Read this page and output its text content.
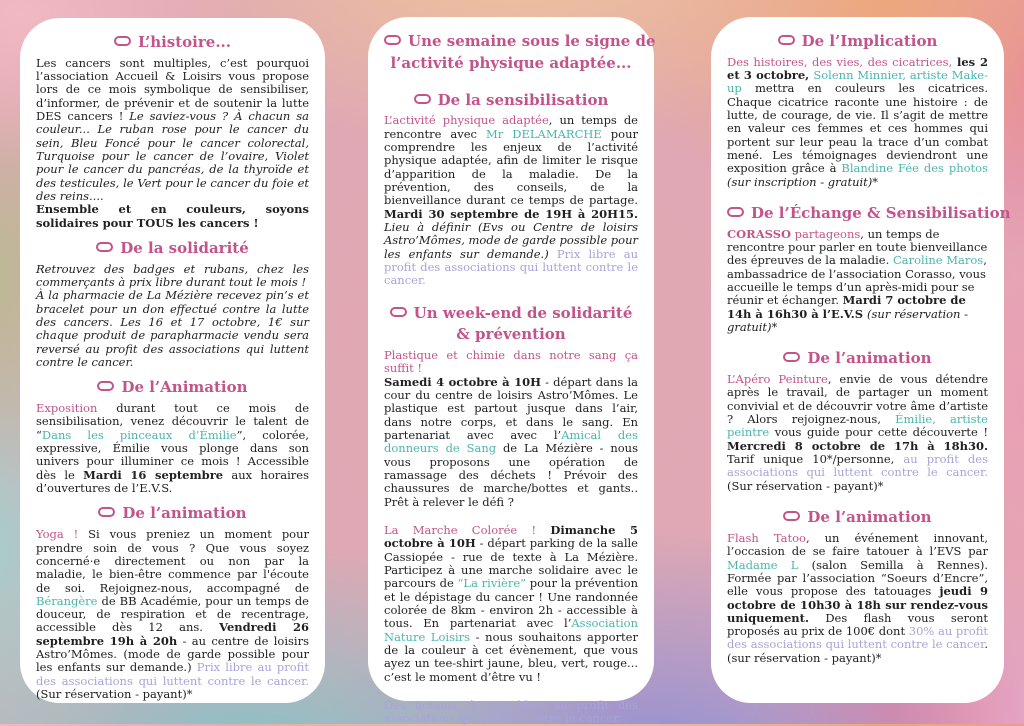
L’histoire...

Les cancers sont multiples, c’est pourquoi l’association Accueil & Loisirs vous propose lors de ce mois symbolique de sensibiliser, d’informer, de prévenir et de soutenir la lutte DES cancers ! Le saviez-vous ? À chacun sa couleur... Le ruban rose pour le cancer du sein, Bleu Foncé pour le cancer colorectal, Turquoise pour le cancer de l’ovaire, Violet pour le cancer du pancréas, de la thyroïde et des testicules, le Vert pour le cancer du foie et des reins....
Ensemble et en couleurs, soyons solidaires pour TOUS les cancers !

De la solidarité

Retrouvez des badges et rubans, chez les commerçants à prix libre durant tout le mois !
À la pharmacie de La Mézière recevez pin’s et bracelet pour un don effectué contre la lutte des cancers. Les 16 et 17 octobre, 1€ sur chaque produit de parapharmacie vendu sera reversé au profit des associations qui luttent contre le cancer.

De l’Animation

Exposition durant tout ce mois de sensibilisation, venez découvrir le talent de “Dans les pinceaux d’Émilie”, colorée, expressive, Émilie vous plonge dans son univers pour illuminer ce mois ! Accessible dès le Mardi 16 septembre aux horaires d’ouvertures de l’E.V.S.

De l’animation

Yoga ! Si vous preniez un moment pour prendre soin de vous ? Que vous soyez concerné·e directement ou non par la maladie, le bien-être commence par l'écoute de soi. Rejoignez-nous, accompagné de Bérangère de BB Académie, pour un temps de douceur, de respiration et de recentrage, accessible dès 12 ans. Vendredi 26 septembre 19h à 20h - au centre de loisirs Astro’Mômes. (mode de garde possible pour les enfants sur demande.) Prix libre au profit des associations qui luttent contre le cancer. (Sur réservation - payant)*

Une semaine sous le signe de
l’activité physique adaptée...
De la sensibilisation

L’activité physique adaptée, un temps de rencontre avec Mr DELAMARCHE pour comprendre les enjeux de l’activité physique adaptée, afin de limiter le risque d’apparition de la maladie. De la prévention, des conseils, de la bienveillance durant ce temps de partage. Mardi 30 septembre de 19H à 20H15. Lieu à définir (Evs ou Centre de loisirs Astro’Mômes, mode de garde possible pour les enfants sur demande.) Prix libre au profit des associations qui luttent contre le cancer.

Un week-end de solidarité
& prévention

Plastique et chimie dans notre sang ça suffit !
Samedi 4 octobre à 10H - départ dans la cour du centre de loisirs Astro’Mômes. Le plastique est partout jusque dans l’air, dans notre corps, et dans le sang. En partenariat avec avec l’Amical des donneurs de Sang de La Mézière - nous vous proposons une opération de ramassage des déchets ! Prévoir des chaussures de marche/bottes et gants.. Prêt à relever le défi ?

La Marche Colorée ! Dimanche 5 octobre à 10H - départ parking de la salle Cassiopée - rue de texte à La Mézière. Participez à une marche solidaire avec le parcours de “La rivière” pour la prévention et le dépistage du cancer ! Une randonnée colorée de 8km - environ 2h - accessible à tous. En partenariat avec l’Association Nature Loisirs - nous souhaitons apporter de la couleur à cet évènement, que vous ayez un tee-shirt jaune, bleu, vert, rouge... c’est le moment d’être vu !

Des actions, à prix libre au profit des associations qui luttent contre le cancer.

De l’Implication

Des histoires, des vies, des cicatrices, les 2 et 3 octobre, Solenn Minnier, artiste Make-up mettra en couleurs les cicatrices. Chaque cicatrice raconte une histoire : de lutte, de courage, de vie. Il s’agit de mettre en valeur ces femmes et ces hommes qui portent sur leur peau la trace d’un combat mené. Les témoignages deviendront une exposition grâce à Blandine Fée des photos (sur inscription - gratuit)*

De l’Échange & Sensibilisation

CORASSO partageons, un temps de rencontre pour parler en toute bienveillance des épreuves de la maladie. Caroline Maros, ambassadrice de l’association Corasso, vous accueille le temps d’un après-midi pour se réunir et échanger. Mardi 7 octobre de 14h à 16h30 à l’E.V.S (sur réservation - gratuit)*

De l’animation

L’Apéro Peinture, envie de vous détendre après le travail, de partager un moment convivial et de découvrir votre âme d’artiste ? Alors rejoignez-nous, Émilie, artiste peintre vous guide pour cette découverte ! Mercredi 8 octobre de 17h à 18h30. Tarif unique 10*/personne, au profit des associations qui luttent contre le cancer. (Sur réservation - payant)*

De l’animation

Flash Tatoo, un événement innovant, l’occasion de se faire tatouer à l’EVS par Madame L (salon Semilla à Rennes). Formée par l’association “Soeurs d’Encre”, elle vous propose des tatouages jeudi 9 octobre de 10h30 à 18h sur rendez-vous uniquement. Des flash vous seront proposés au prix de 100€ dont 30% au profit des associations qui luttent contre le cancer. (sur réservation - payant)*
